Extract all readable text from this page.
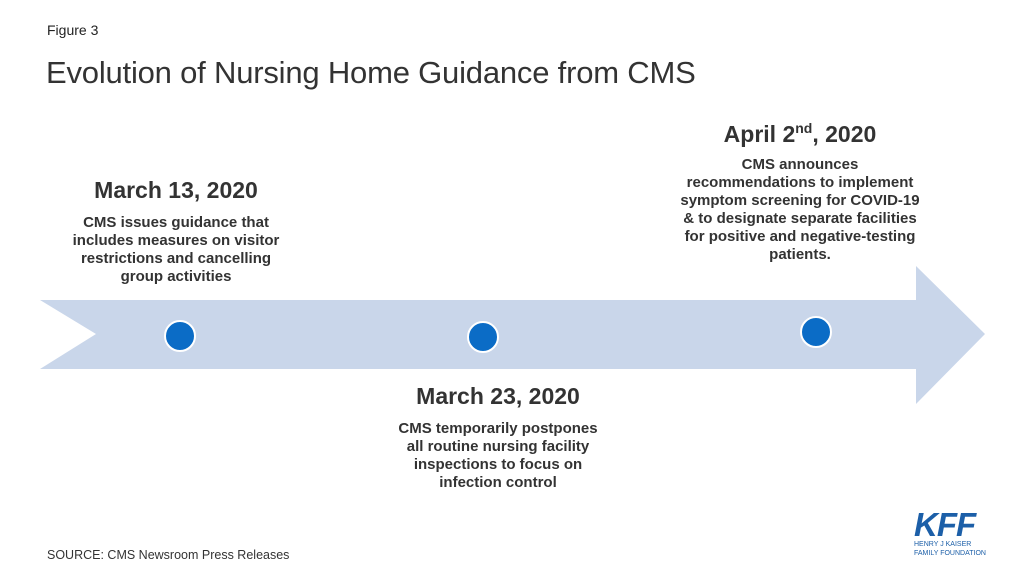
Figure 3
Evolution of Nursing Home Guidance from CMS
March 13, 2020
CMS issues guidance that includes measures on visitor restrictions and cancelling group activities
March 23, 2020
CMS temporarily postpones all routine nursing facility inspections to focus on infection control
April 2nd, 2020
CMS announces recommendations to implement symptom screening for COVID-19 & to designate separate facilities for positive and negative-testing patients.
SOURCE: CMS Newsroom Press Releases
KFF
HENRY J KAISER
FAMILY FOUNDATION
